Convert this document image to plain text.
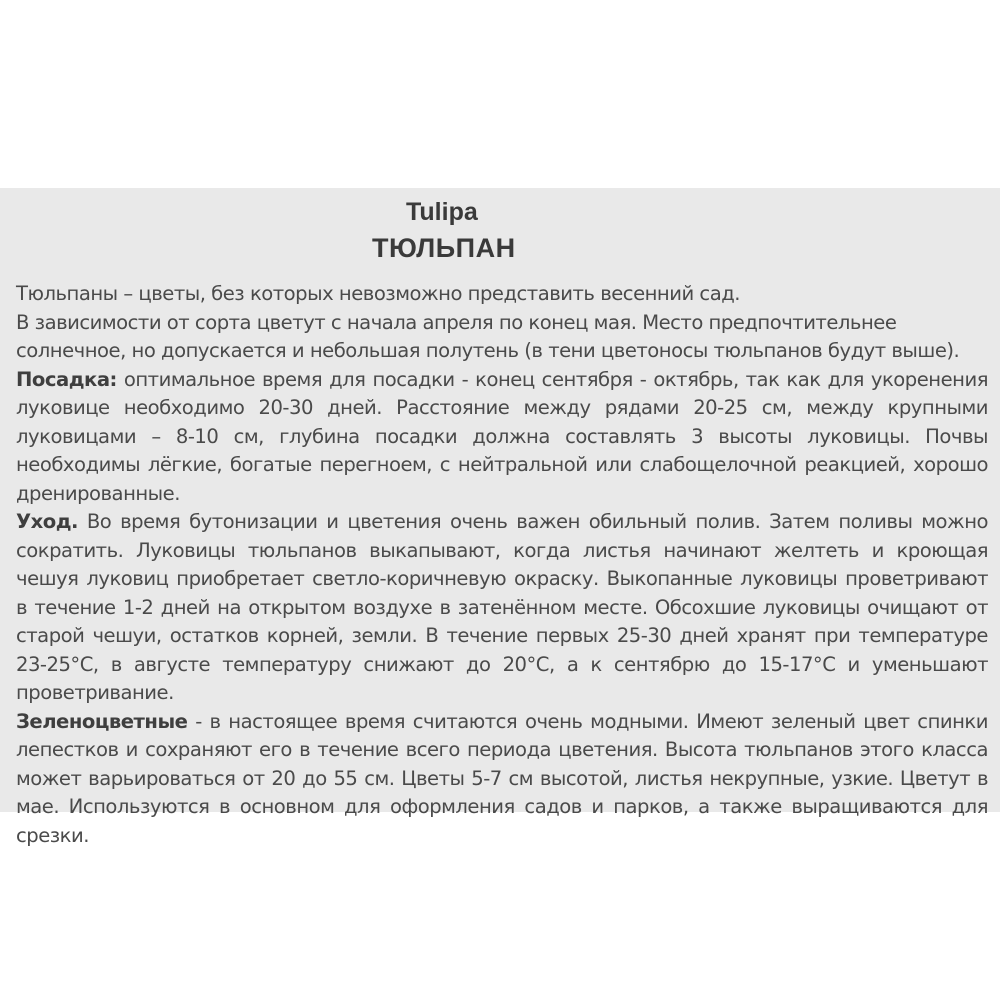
Tulipa
ТЮЛЬПАН

Тюльпаны – цветы, без которых невозможно представить весенний сад.

В зависимости от сорта цветут с начала апреля по конец мая. Место предпочтительнее солнечное, но допускается и небольшая полутень (в тени цветоносы тюльпанов будут выше).

Посадка: оптимальное время для посадки - конец сентября - октябрь, так как для укоренения луковице необходимо 20-30 дней. Расстояние между рядами 20-25 см, между крупными луковицами – 8-10 см, глубина посадки должна составлять 3 высоты луковицы. Почвы необходимы лёгкие, богатые перегноем, с нейтральной или слабощелочной реакцией, хорошо дренированные.

Уход. Во время бутонизации и цветения очень важен обильный полив. Затем поливы можно сократить. Луковицы тюльпанов выкапывают, когда листья начинают желтеть и кроющая чешуя луковиц приобретает светло-коричневую окраску. Выкопанные луковицы проветривают в течение 1-2 дней на открытом воздухе в затенённом месте. Обсохшие луковицы очищают от старой чешуи, остатков корней, земли. В течение первых 25-30 дней хранят при температуре 23-25°С, в августе температуру снижают до 20°С, а к сентябрю до 15-17°С и уменьшают проветривание.

Зеленоцветные - в настоящее время считаются очень модными. Имеют зеленый цвет спинки лепестков и сохраняют его в течение всего периода цветения. Высота тюльпанов этого класса может варьироваться от 20 до 55 см. Цветы 5-7 см высотой, листья некрупные, узкие. Цветут в мае. Используются в основном для оформления садов и парков, а также выращиваются для срезки.
